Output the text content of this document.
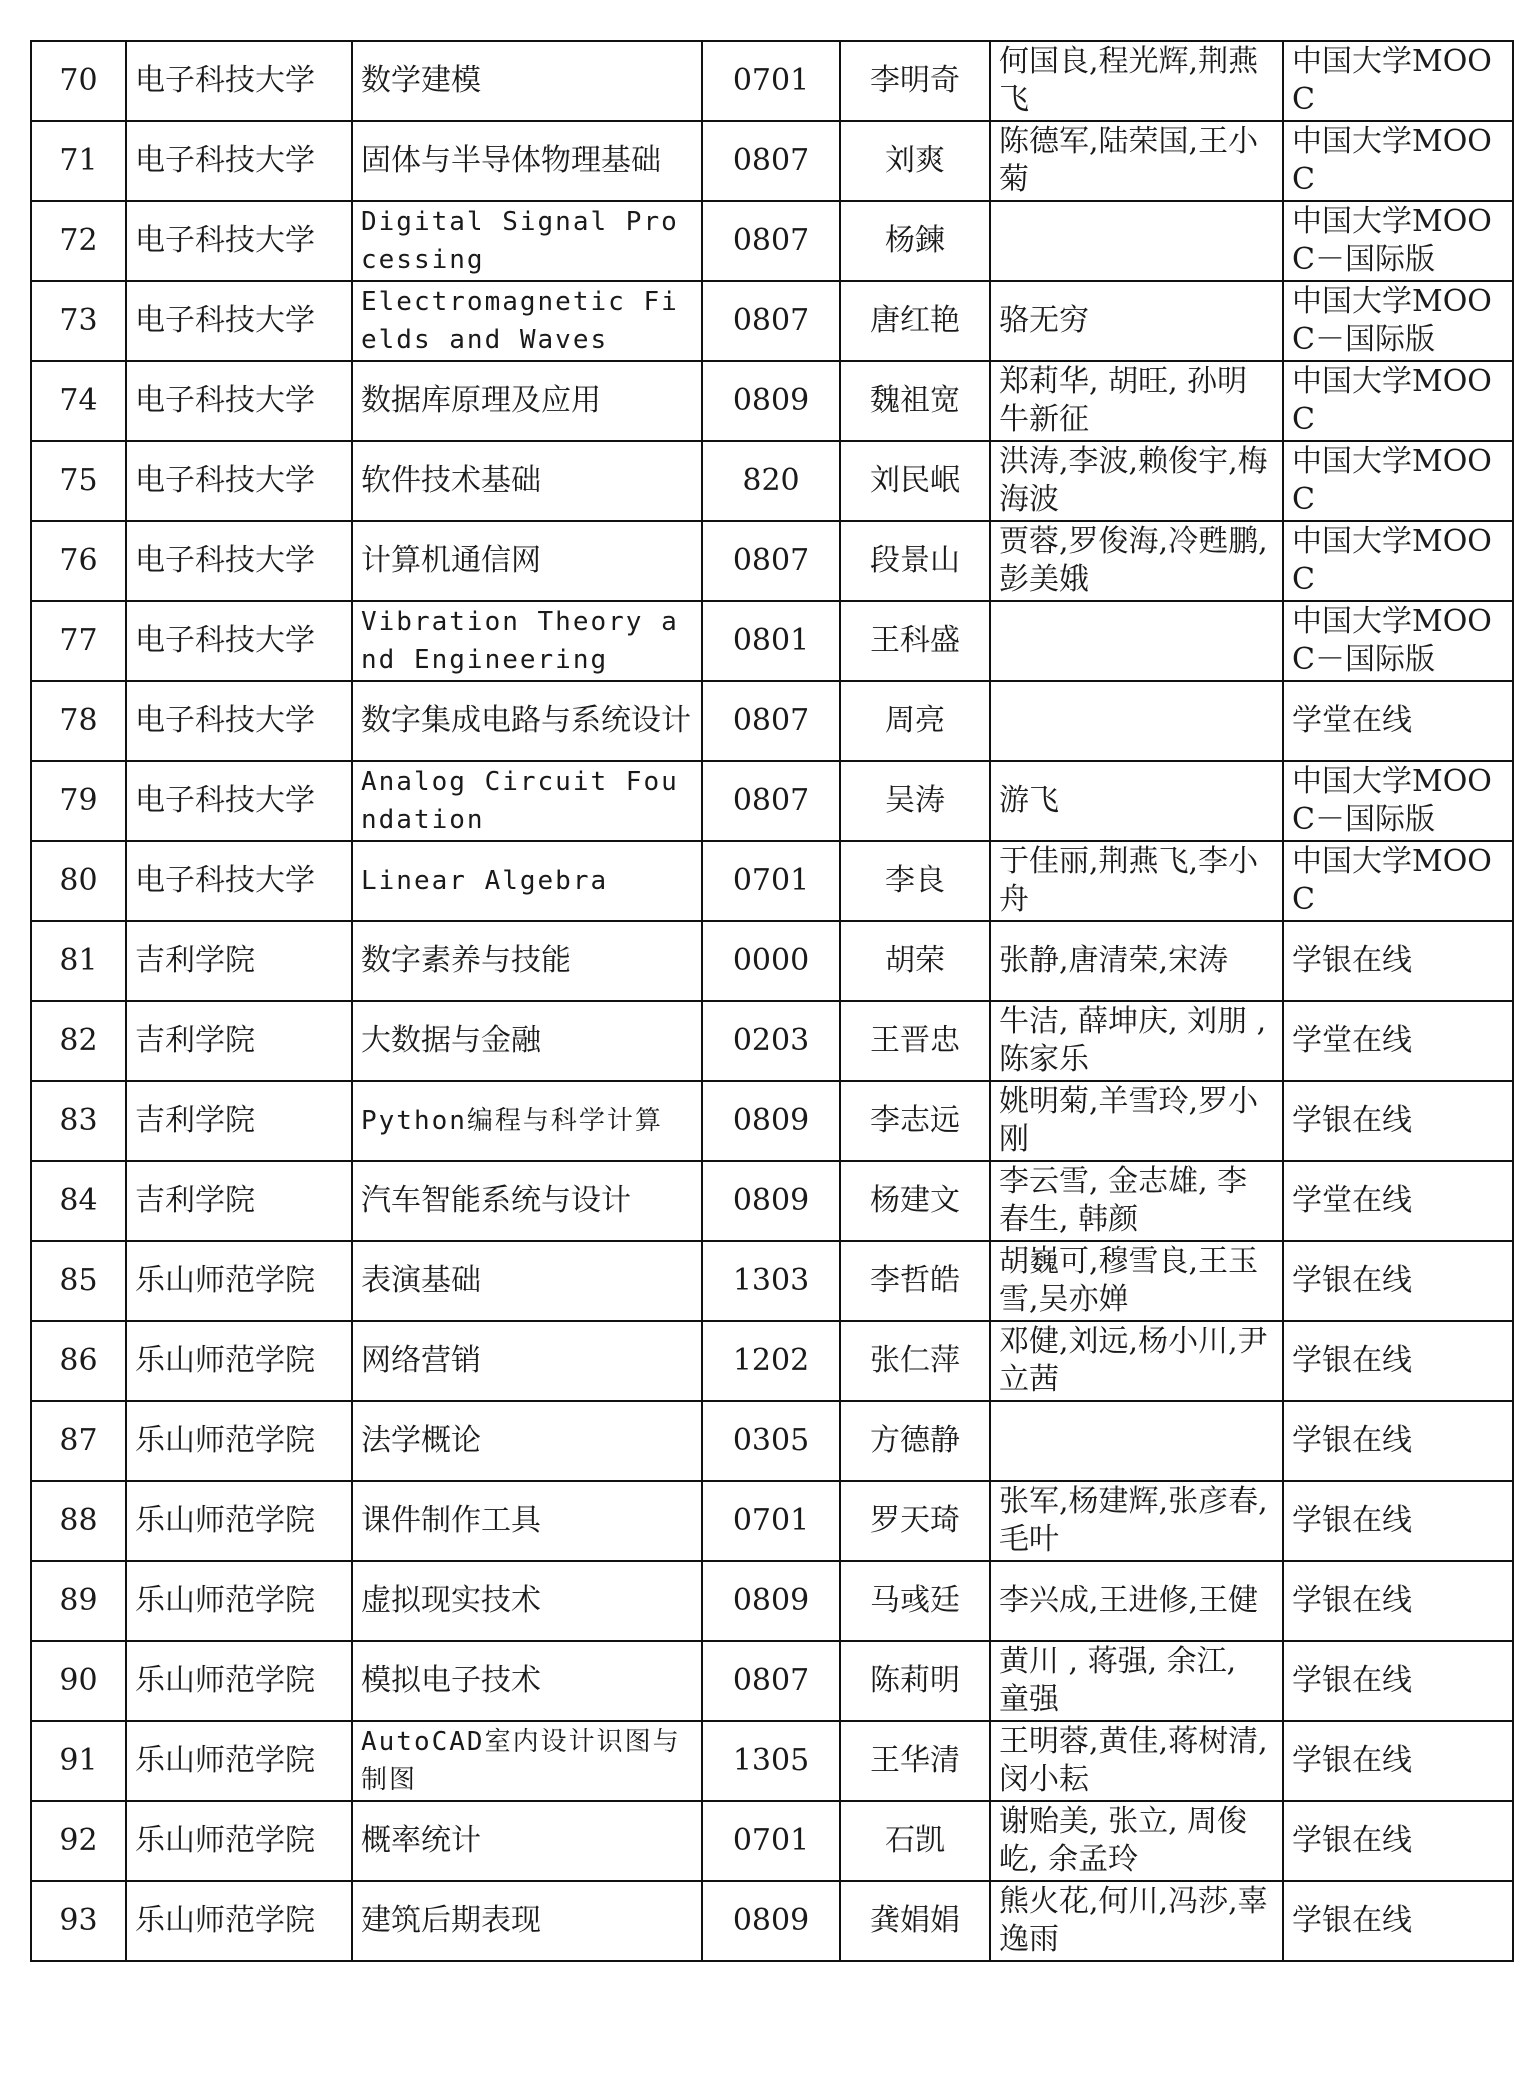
70	电子科技大学	数学建模	0701	李明奇	何国良,程光辉,荆燕飞	中国大学MOOC
71	电子科技大学	固体与半导体物理基础	0807	刘爽	陈德军,陆荣国,王小菊	中国大学MOOC
72	电子科技大学	Digital Signal Processing	0807	杨鍊		中国大学MOOC－国际版
73	电子科技大学	Electromagnetic Fields and Waves	0807	唐红艳	骆无穷	中国大学MOOC－国际版
74	电子科技大学	数据库原理及应用	0809	魏祖宽	郑莉华, 胡旺, 孙明 牛新征	中国大学MOOC
75	电子科技大学	软件技术基础	820	刘民岷	洪涛,李波,赖俊宇,梅海波	中国大学MOOC
76	电子科技大学	计算机通信网	0807	段景山	贾蓉,罗俊海,冷甦鹏,彭美娥	中国大学MOOC
77	电子科技大学	Vibration Theory and Engineering	0801	王科盛		中国大学MOOC－国际版
78	电子科技大学	数字集成电路与系统设计	0807	周亮		学堂在线
79	电子科技大学	Analog Circuit Foundation	0807	吴涛	游飞	中国大学MOOC－国际版
80	电子科技大学	Linear Algebra	0701	李良	于佳丽,荆燕飞,李小舟	中国大学MOOC
81	吉利学院	数字素养与技能	0000	胡荣	张静,唐清荣,宋涛	学银在线
82	吉利学院	大数据与金融	0203	王晋忠	牛洁, 薛坤庆, 刘朋 , 陈家乐	学堂在线
83	吉利学院	Python编程与科学计算	0809	李志远	姚明菊,羊雪玲,罗小刚	学银在线
84	吉利学院	汽车智能系统与设计	0809	杨建文	李云雪, 金志雄, 李春生, 韩颜	学堂在线
85	乐山师范学院	表演基础	1303	李哲皓	胡巍可,穆雪良,王玉雪,吴亦婵	学银在线
86	乐山师范学院	网络营销	1202	张仁萍	邓健,刘远,杨小川,尹立茜	学银在线
87	乐山师范学院	法学概论	0305	方德静		学银在线
88	乐山师范学院	课件制作工具	0701	罗天琦	张军,杨建辉,张彦春,毛叶	学银在线
89	乐山师范学院	虚拟现实技术	0809	马彧廷	李兴成,王进修,王健	学银在线
90	乐山师范学院	模拟电子技术	0807	陈莉明	黄川 , 蒋强, 余江, 童强	学银在线
91	乐山师范学院	AutoCAD室内设计识图与制图	1305	王华清	王明蓉,黄佳,蒋树清,闵小耘	学银在线
92	乐山师范学院	概率统计	0701	石凯	谢贻美, 张立, 周俊屹, 余孟玲	学银在线
93	乐山师范学院	建筑后期表现	0809	龚娟娟	熊火花,何川,冯莎,辜逸雨	学银在线
